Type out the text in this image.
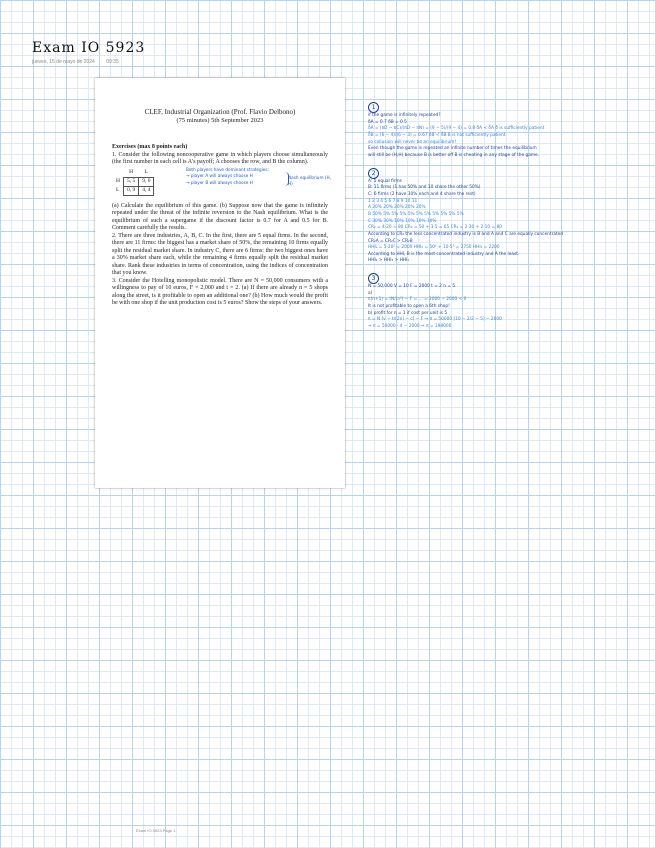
Exam IO 5923
jueves, 15 de mayo de 2024 09:35
CLEF, Industrial Organization (Prof. Flavio Delbono)
(75 minutes) 5th September 2023
Exercises (max 8 points each)

1. Consider the following noncooperative game in which players choose simultaneously (the first number in each cell is A's payoff; A chooses the row, and B the column).

	H	L
H	5, 5	9, 0
L	0, 9	4, 4
Both players have dominant strategies:
→ player A will always choose H
→ player B will always choose H
Nash equilibrium (H, H)

(a) Calculate the equilibrium of this game. (b) Suppose now that the game is infinitely repeated under the threat of the infinite reversion to the Nash equilibrium. What is the equilibrium of such a supergame if the discount factor is 0.7 for A and 0.5 for B. Comment carefully the results.

2. There are three industries, A, B, C. In the first, there are 5 equal firms. In the second, there are 11 firms: the biggest has a market share of 50%, the remaining 10 firms equally split the residual market share. In industry C, there are 6 firms: the two biggest ones have a 30% market share each, while the remaining 4 firms equally split the residual market share. Rank these industries in terms of concentration, using the indices of concentration that you know.

3. Consider the Hotelling monopolistic model. There are N = 50,000 consumers with a willingness to pay of 10 euros, F = 2,000 and t = 2. (a) If there are already n = 5 shops along the street, is it profitable to open an additional one? (b) How much would the profit be with one shop if the unit production cost is 5 euros? Show the steps of your answers.

1
if the game is infinitely repeated?
δA = 0.7 δB = 0.5
δ̂A = (πD − πC)/(πD − πN) = (9 − 5)/(9 − 4) = 0.8 δA < δ̂A δ is sufficiently patient
δ̂B = (6 − 4)/(6 − 3) = 0.67 δB < δ̂B B is not sufficiently patient
so collusion will never be an equilibrium!
Even though the game is repeated an infinite number of times the equilibrium
will still be (H,H) because B is better off B is cheating in any stage of the game.
2
A: 5 equal firms
B: 11 firms (1 has 50% and 10 share the other 50%)
C: 6 firms (2 have 30% each and 4 share the rest)
1 2 3 4 5 6 7 8 9 10 11
A 20% 20% 20% 20% 20%
B 50% 5% 5% 5% 5% 5% 5% 5% 5% 5% 5%
C 30% 30% 10% 10% 10% 10%
CR₂ = 4·20 = 80 CR₂ = 50 + 3·5 = 65 CR₂ = 2·30 + 2·10 = 80
According to CR₂ the less concentrated industry is B and A and C are equally concentrated
CR₂A = CR₂C > CR₂B
HHIₐ = 5·20² = 2000 HHI₂ = 50² + 10·5² = 2750 HHI₃ = 2200
According to HHI, B is the most concentrated industry and A the least.
HHI₂ > HHI₃ > HHI₁
3
N = 50,000 V = 10 F = 2000 t = 2 n = 5
a)
π(n+1) = tN/(n²) − F = ... = 2000 − 2000 < 0
It is not profitable to open a 6th shop!
b) profit for n = 1 if cost per unit is 5
π = N [v − t/(2n) − c] − F ⇒ π = 50000 [10 − 2/2 − 5] − 2000
⇒ π = 50000 · 4 − 2000 ⇒ π = 198000
Exam IO 5923 Page 1
